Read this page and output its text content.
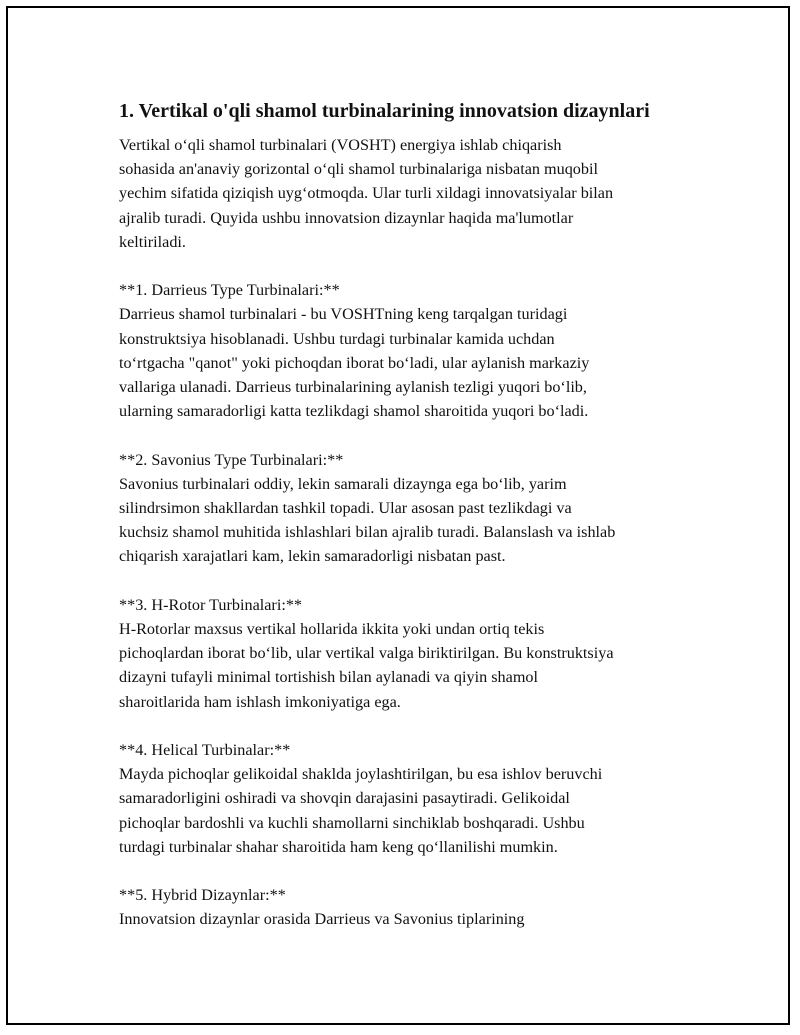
1. Vertikal o'qli shamol turbinalarining innovatsion dizaynlari
Vertikal o‘qli shamol turbinalari (VOSHT) energiya ishlab chiqarish
sohasida an'anaviy gorizontal o‘qli shamol turbinalariga nisbatan muqobil
yechim sifatida qiziqish uyg‘otmoqda. Ular turli xildagi innovatsiyalar bilan
ajralib turadi. Quyida ushbu innovatsion dizaynlar haqida ma'lumotlar
keltiriladi.
**1. Darrieus Type Turbinalari:**
Darrieus shamol turbinalari - bu VOSHTning keng tarqalgan turidagi
konstruktsiya hisoblanadi. Ushbu turdagi turbinalar kamida uchdan
to‘rtgacha "qanot" yoki pichoqdan iborat bo‘ladi, ular aylanish markaziy
vallariga ulanadi. Darrieus turbinalarining aylanish tezligi yuqori bo‘lib,
ularning samaradorligi katta tezlikdagi shamol sharoitida yuqori bo‘ladi.
**2. Savonius Type Turbinalari:**
Savonius turbinalari oddiy, lekin samarali dizaynga ega bo‘lib, yarim
silindrsimon shakllardan tashkil topadi. Ular asosan past tezlikdagi va
kuchsiz shamol muhitida ishlashlari bilan ajralib turadi. Balanslash va ishlab
chiqarish xarajatlari kam, lekin samaradorligi nisbatan past.
**3. H-Rotor Turbinalari:**
H-Rotorlar maxsus vertikal hollarida ikkita yoki undan ortiq tekis
pichoqlardan iborat bo‘lib, ular vertikal valga biriktirilgan. Bu konstruktsiya
dizayni tufayli minimal tortishish bilan aylanadi va qiyin shamol
sharoitlarida ham ishlash imkoniyatiga ega.
**4. Helical Turbinalar:**
Mayda pichoqlar gelikoidal shaklda joylashtirilgan, bu esa ishlov beruvchi
samaradorligini oshiradi va shovqin darajasini pasaytiradi. Gelikoidal
pichoqlar bardoshli va kuchli shamollarni sinchiklab boshqaradi. Ushbu
turdagi turbinalar shahar sharoitida ham keng qo‘llanilishi mumkin.
**5. Hybrid Dizaynlar:**
Innovatsion dizaynlar orasida Darrieus va Savonius tiplarining
